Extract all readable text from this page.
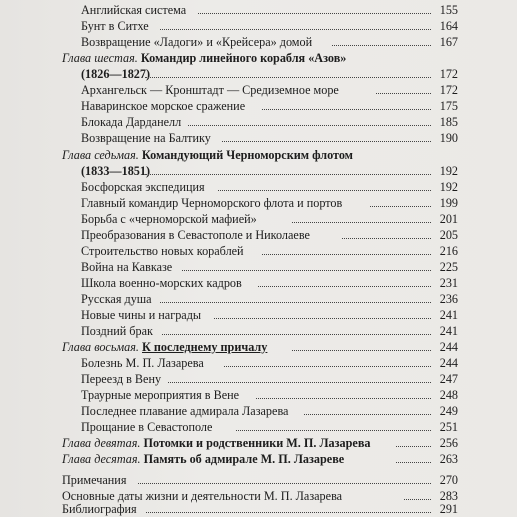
Английская система	155
Бунт в Ситхе	164
Возвращение «Ладоги» и «Крейсера» домой	167
Глава шестая. Командир линейного корабля «Азов»
(1826—1827)	172
Архангельск — Кронштадт — Средиземное море	172
Наваринское морское сражение	175
Блокада Дарданелл	185
Возвращение на Балтику	190
Глава седьмая. Командующий Черноморским флотом
(1833—1851)	192
Босфорская экспедиция	192
Главный командир Черноморского флота и портов	199
Борьба с «черноморской мафией»	201
Преобразования в Севастополе и Николаеве	205
Строительство новых кораблей	216
Война на Кавказе	225
Школа военно-морских кадров	231
Русская душа	236
Новые чины и награды	241
Поздний брак	241
Глава восьмая. К последнему причалу	244
Болезнь М. П. Лазарева	244
Переезд в Вену	247
Траурные мероприятия в Вене	248
Последнее плавание адмирала Лазарева	249
Прощание в Севастополе	251
Глава девятая. Потомки и родственники М. П. Лазарева	256
Глава десятая. Память об адмирале М. П. Лазареве	263
Примечания	270
Основные даты жизни и деятельности М. П. Лазарева	283
Библиография	291
